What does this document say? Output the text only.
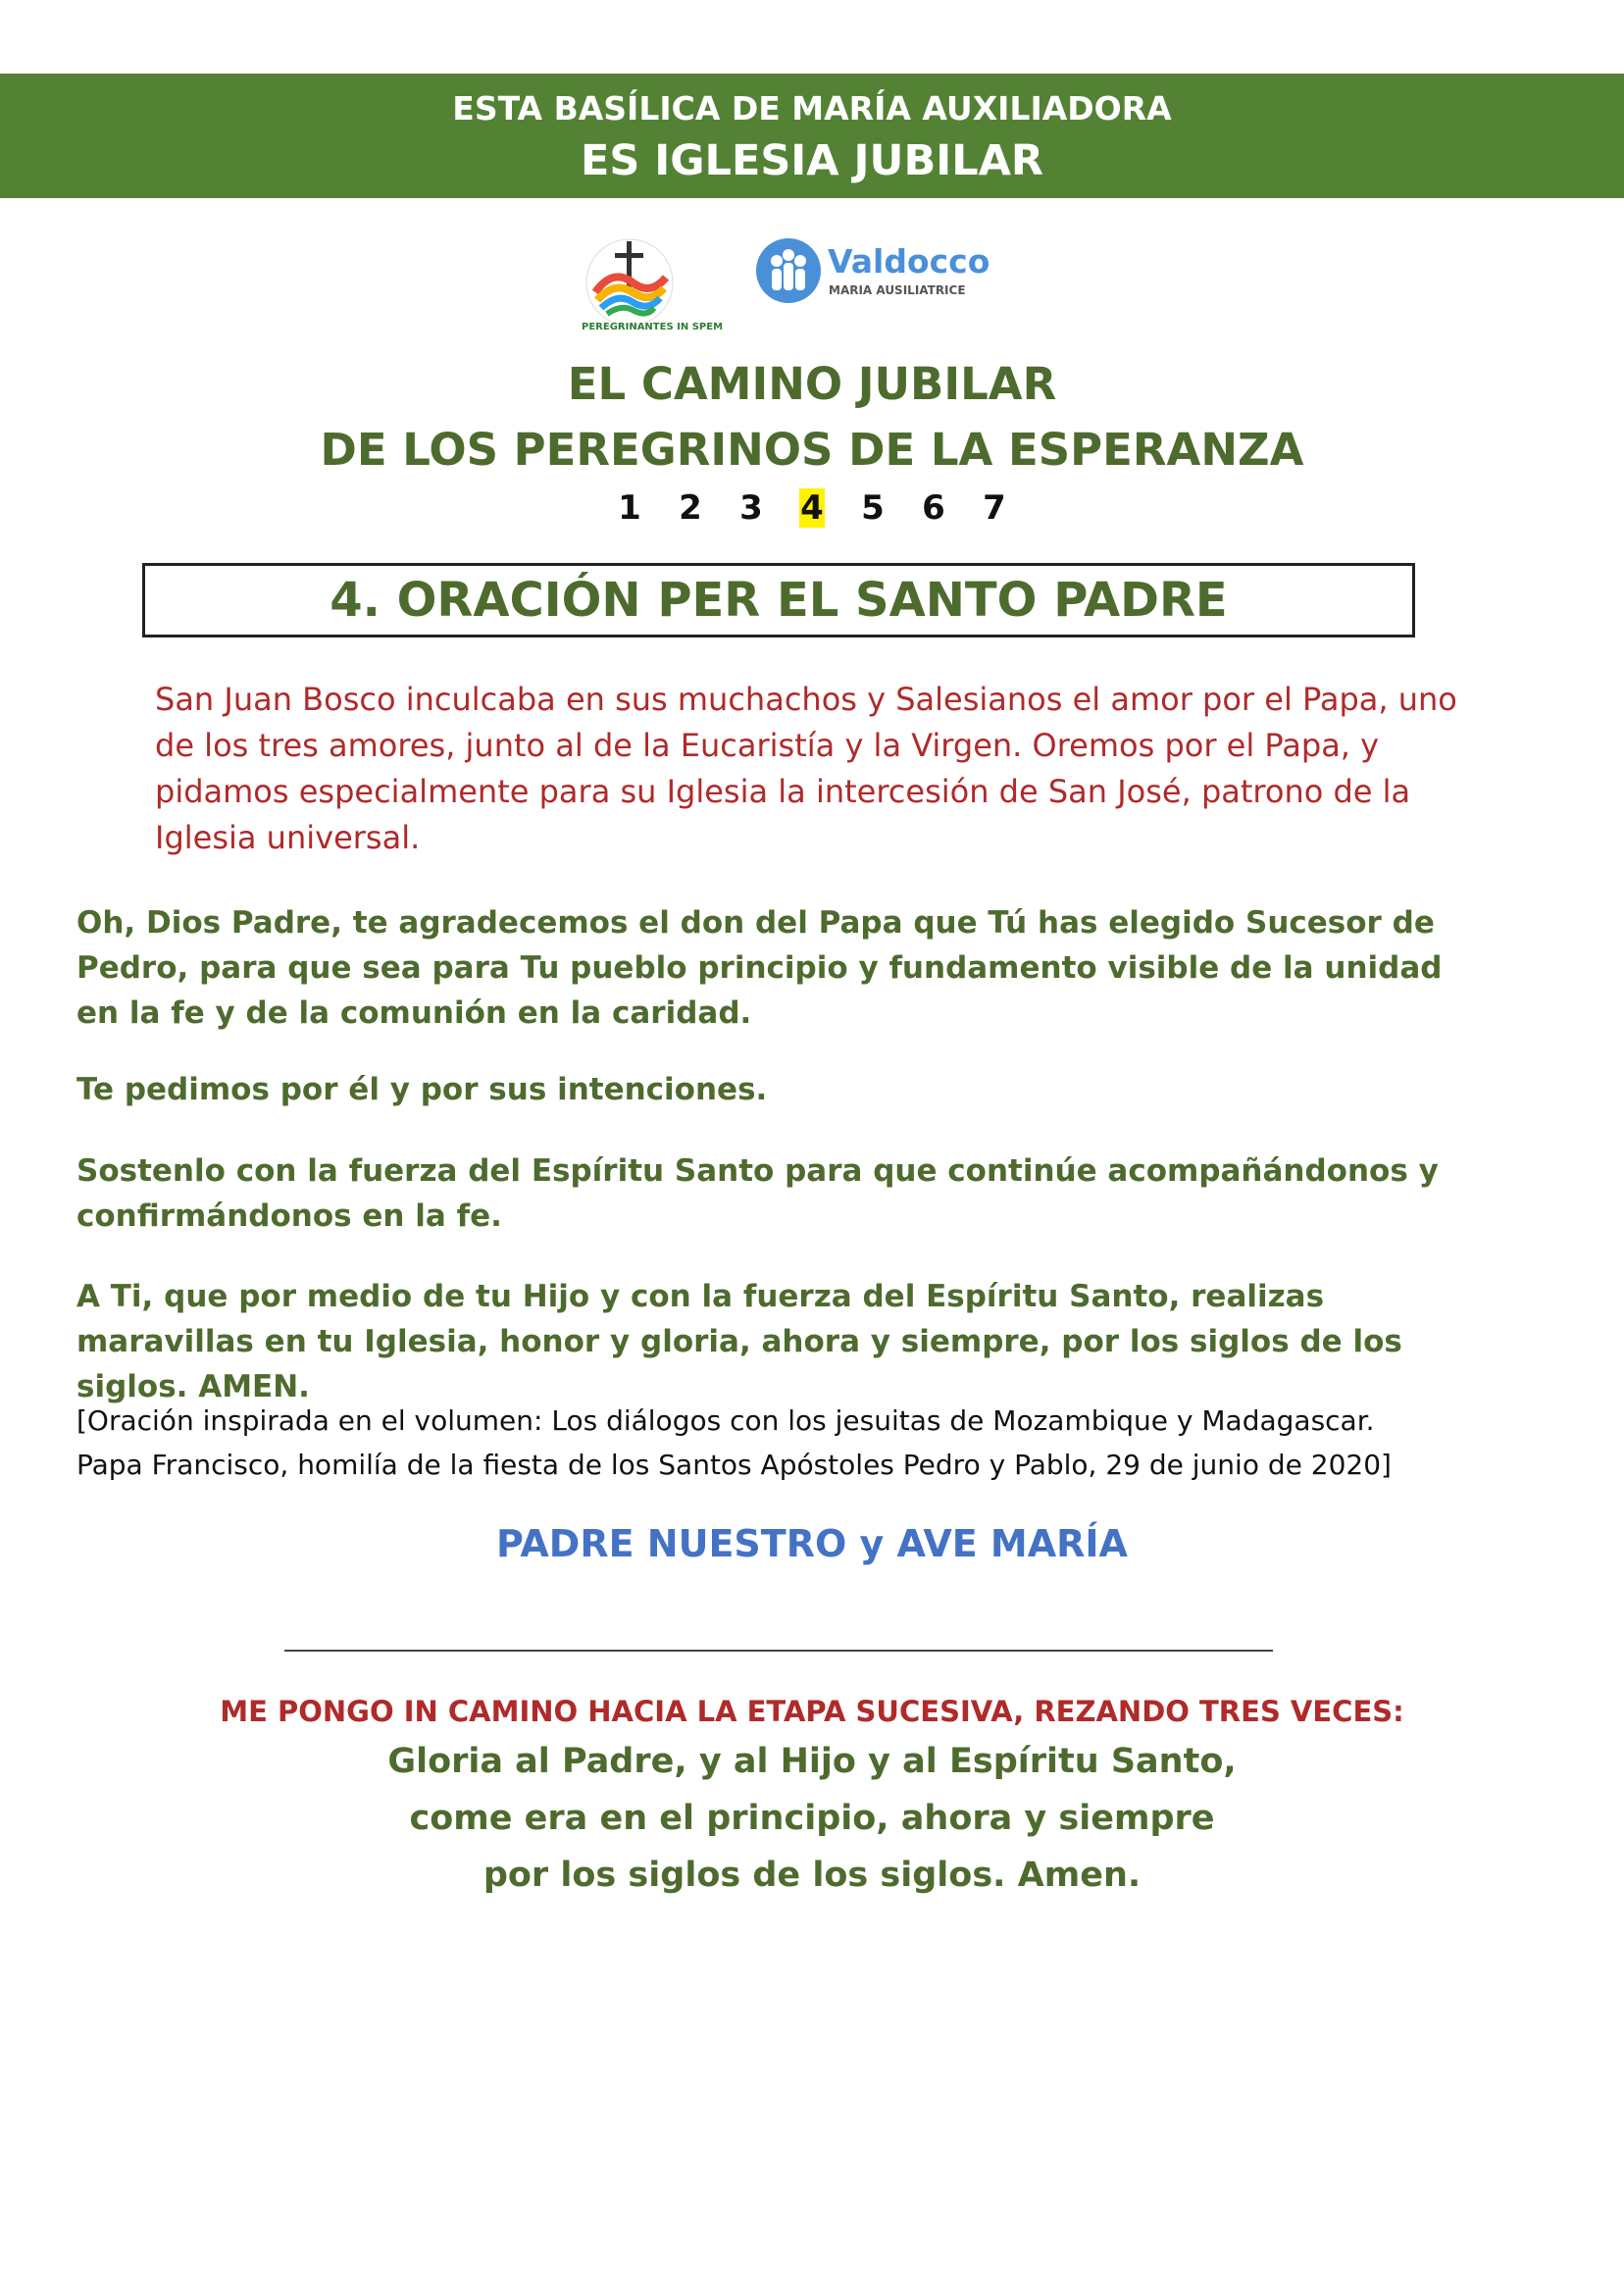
ESTA BASÍLICA DE MARÍA AUXILIADORA
ES IGLESIA JUBILAR
PEREGRINANTES IN SPEM
Valdocco
MARIA AUSILIATRICE
EL CAMINO JUBILAR
DE LOS PEREGRINOS DE LA ESPERANZA
1 2 3 4 5 6 7
4. ORACIÓN PER EL SANTO PADRE
San Juan Bosco inculcaba en sus muchachos y Salesianos el amor por el Papa, uno de los tres amores, junto al de la Eucaristía y la Virgen. Oremos por el Papa, y pidamos especialmente para su Iglesia la intercesión de San José, patrono de la Iglesia universal.
Oh, Dios Padre, te agradecemos el don del Papa que Tú has elegido Sucesor de Pedro, para que sea para Tu pueblo principio y fundamento visible de la unidad en la fe y de la comunión en la caridad.
Te pedimos por él y por sus intenciones.
Sostenlo con la fuerza del Espíritu Santo para que continúe acompañándonos y confirmándonos en la fe.
A Ti, que por medio de tu Hijo y con la fuerza del Espíritu Santo, realizas maravillas en tu Iglesia, honor y gloria, ahora y siempre, por los siglos de los siglos. AMEN.
[Oración inspirada en el volumen: Los diálogos con los jesuitas de Mozambique y Madagascar.
Papa Francisco, homilía de la fiesta de los Santos Apóstoles Pedro y Pablo, 29 de junio de 2020]
PADRE NUESTRO y AVE MARÍA
ME PONGO IN CAMINO HACIA LA ETAPA SUCESIVA, REZANDO TRES VECES:
Gloria al Padre, y al Hijo y al Espíritu Santo,
come era en el principio, ahora y siempre
por los siglos de los siglos. Amen.
